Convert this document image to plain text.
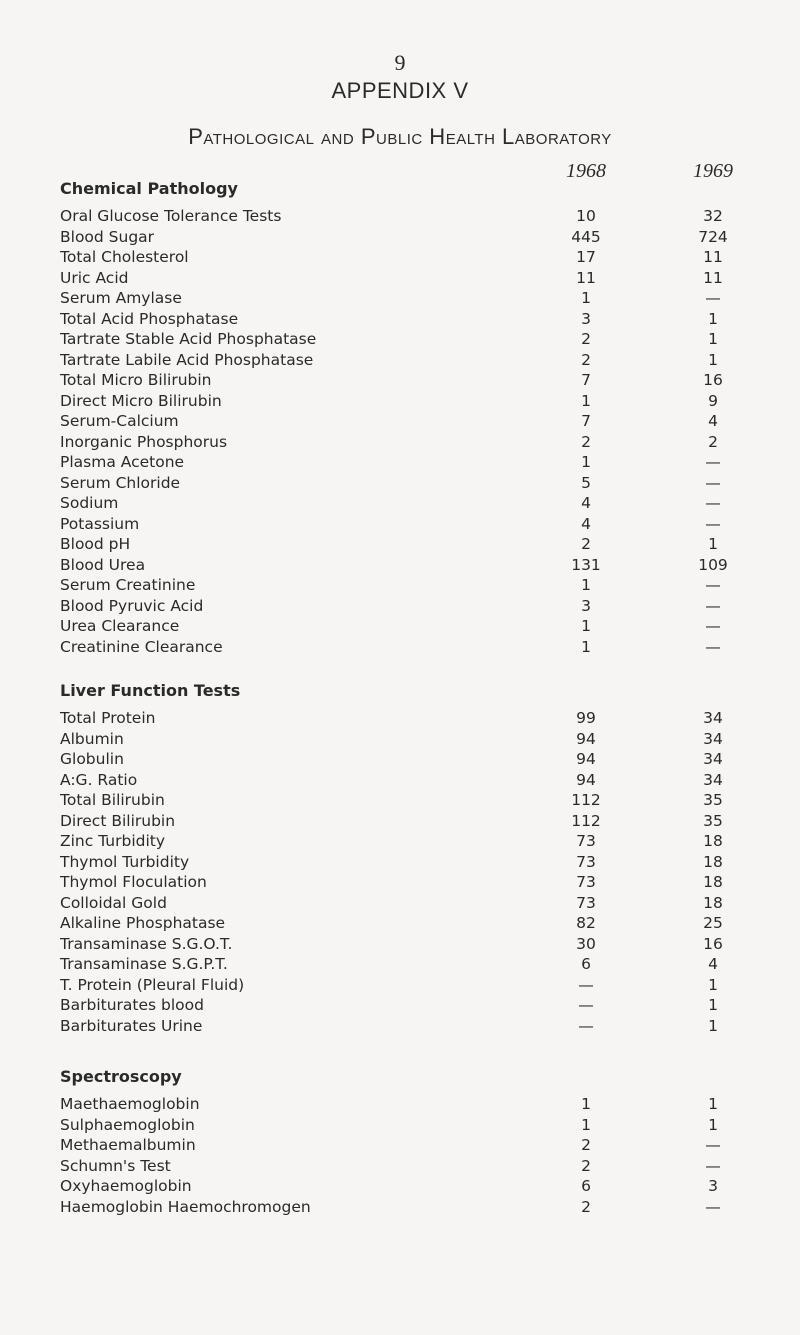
9
APPENDIX V
Pathological and Public Health Laboratory
1968	1969
Chemical Pathology
Oral Glucose Tolerance Tests	10	32
Blood Sugar	445	724
Total Cholesterol	17	11
Uric Acid	11	11
Serum Amylase	1	—
Total Acid Phosphatase	3	1
Tartrate Stable Acid Phosphatase	2	1
Tartrate Labile Acid Phosphatase	2	1
Total Micro Bilirubin	7	16
Direct Micro Bilirubin	1	9
Serum-Calcium	7	4
Inorganic Phosphorus	2	2
Plasma Acetone	1	—
Serum Chloride	5	—
Sodium	4	—
Potassium	4	—
Blood pH	2	1
Blood Urea	131	109
Serum Creatinine	1	—
Blood Pyruvic Acid	3	—
Urea Clearance	1	—
Creatinine Clearance	1	—
Liver Function Tests
Total Protein	99	34
Albumin	94	34
Globulin	94	34
A:G. Ratio	94	34
Total Bilirubin	112	35
Direct Bilirubin	112	35
Zinc Turbidity	73	18
Thymol Turbidity	73	18
Thymol Floculation	73	18
Colloidal Gold	73	18
Alkaline Phosphatase	82	25
Transaminase S.G.O.T.	30	16
Transaminase S.G.P.T.	6	4
T. Protein (Pleural Fluid)	—	1
Barbiturates blood	—	1
Barbiturates Urine	—	1
Spectroscopy
Maethaemoglobin	1	1
Sulphaemoglobin	1	1
Methaemalbumin	2	—
Schumn's Test	2	—
Oxyhaemoglobin	6	3
Haemoglobin Haemochromogen	2	—
